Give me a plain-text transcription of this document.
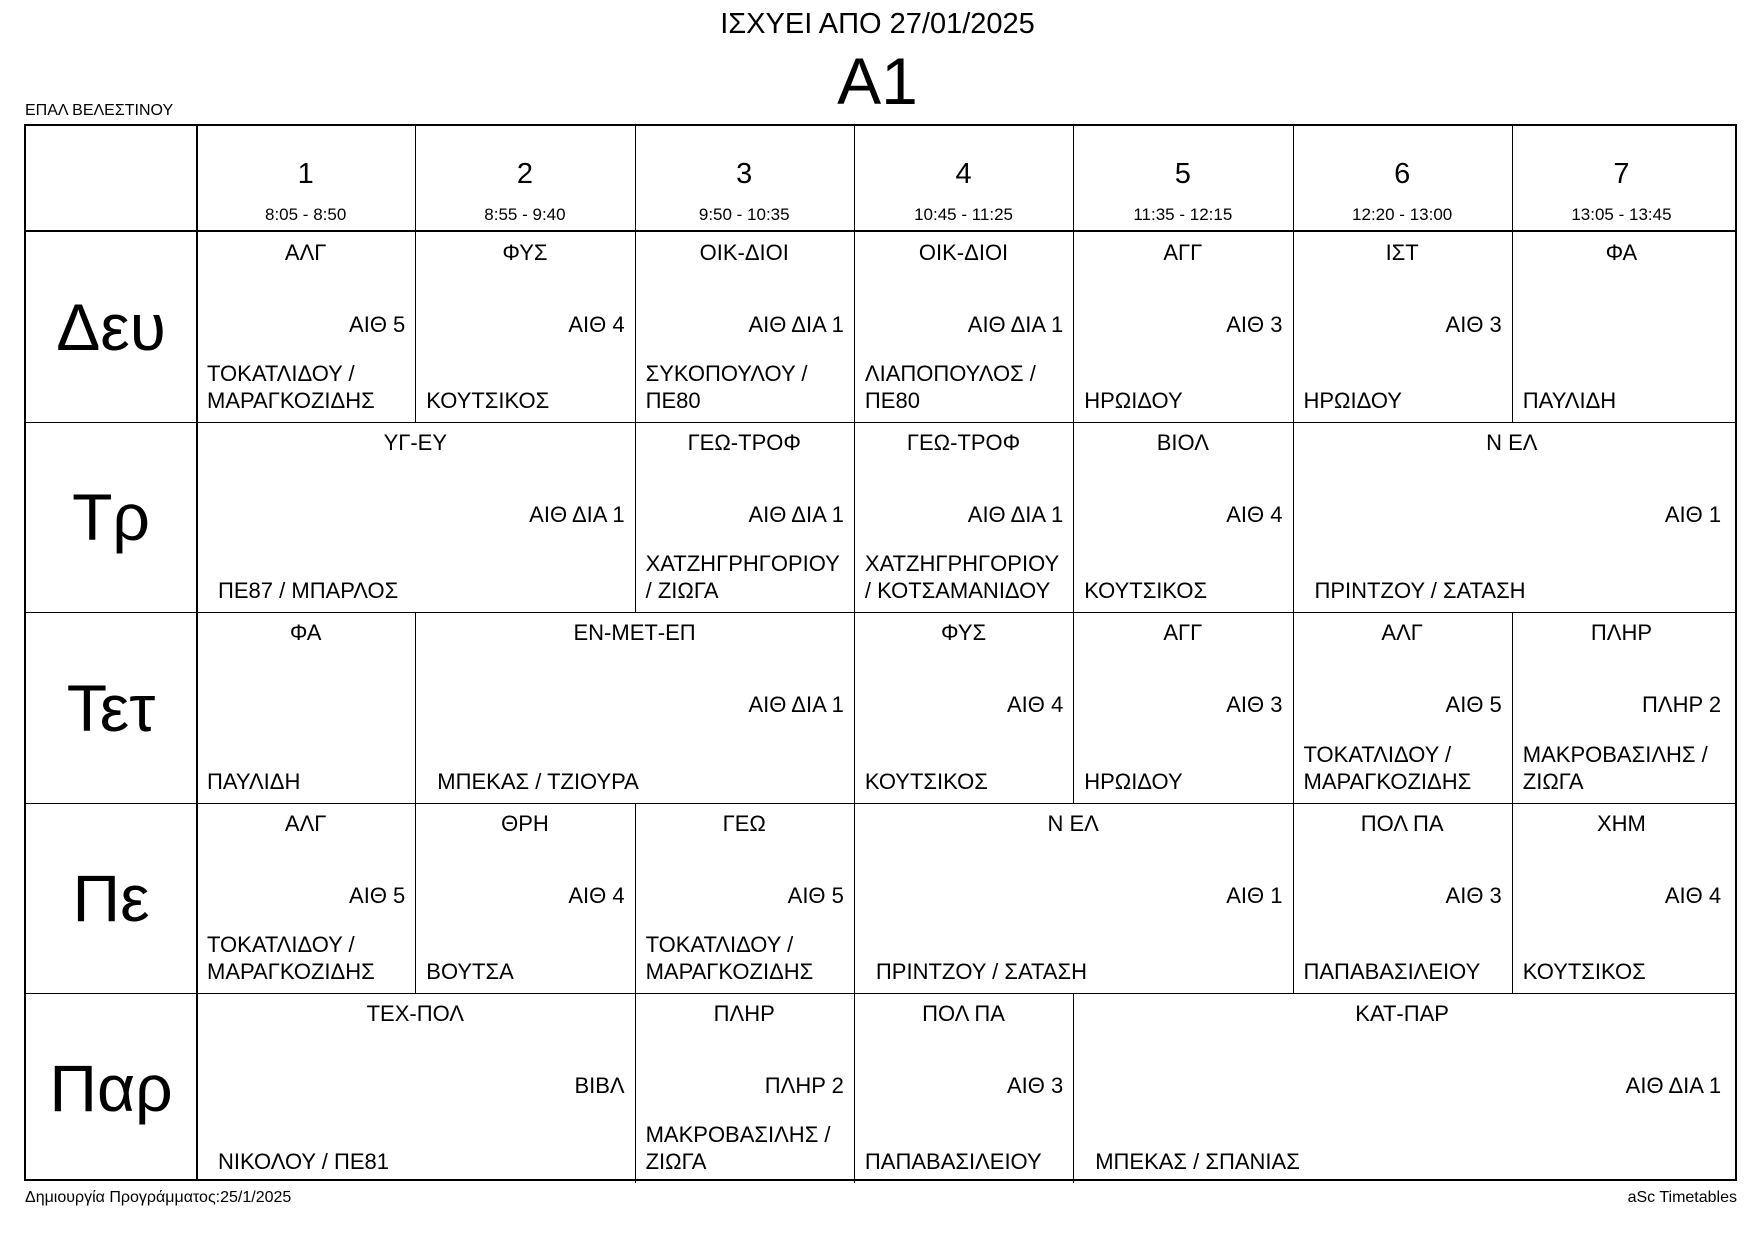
ΙΣΧΥΕΙ ΑΠΟ 27/01/2025
Α1
ΕΠΑΛ ΒΕΛΕΣΤΙΝΟΥ
1
8:05 - 8:50
2
8:55 - 9:40
3
9:50 - 10:35
4
10:45 - 11:25
5
11:35 - 12:15
6
12:20 - 13:00
7
13:05 - 13:45
Δευ
ΑΛΓ
ΑΙΘ 5
ΤΟΚΑΤΛΙΔΟΥ / ΜΑΡΑΓΚΟΖΙΔΗΣ
ΦΥΣ
ΑΙΘ 4
ΚΟΥΤΣΙΚΟΣ
ΟΙΚ-ΔΙΟΙ
ΑΙΘ ΔΙΑ 1
ΣΥΚΟΠΟΥΛΟΥ / ΠΕ80
ΟΙΚ-ΔΙΟΙ
ΑΙΘ ΔΙΑ 1
ΛΙΑΠΟΠΟΥΛΟΣ / ΠΕ80
ΑΓΓ
ΑΙΘ 3
ΗΡΩΙΔΟΥ
ΙΣΤ
ΑΙΘ 3
ΗΡΩΙΔΟΥ
ΦΑ
ΠΑΥΛΙΔΗ
Τρ
ΥΓ-ΕΥ
ΑΙΘ ΔΙΑ 1
ΠΕ87 / ΜΠΑΡΛΟΣ
ΓΕΩ-ΤΡΟΦ
ΑΙΘ ΔΙΑ 1
ΧΑΤΖΗΓΡΗΓΟΡΙΟΥ / ΖΙΩΓΑ
ΓΕΩ-ΤΡΟΦ
ΑΙΘ ΔΙΑ 1
ΧΑΤΖΗΓΡΗΓΟΡΙΟΥ / ΚΟΤΣΑΜΑΝΙΔΟΥ
ΒΙΟΛ
ΑΙΘ 4
ΚΟΥΤΣΙΚΟΣ
Ν ΕΛ
ΑΙΘ 1
ΠΡΙΝΤΖΟΥ / ΣΑΤΑΣΗ
Τετ
ΦΑ
ΠΑΥΛΙΔΗ
ΕΝ-ΜΕΤ-ΕΠ
ΑΙΘ ΔΙΑ 1
ΜΠΕΚΑΣ / ΤΖΙΟΥΡΑ
ΦΥΣ
ΑΙΘ 4
ΚΟΥΤΣΙΚΟΣ
ΑΓΓ
ΑΙΘ 3
ΗΡΩΙΔΟΥ
ΑΛΓ
ΑΙΘ 5
ΤΟΚΑΤΛΙΔΟΥ / ΜΑΡΑΓΚΟΖΙΔΗΣ
ΠΛΗΡ
ΠΛΗΡ 2
ΜΑΚΡΟΒΑΣΙΛΗΣ / ΖΙΩΓΑ
Πε
ΑΛΓ
ΑΙΘ 5
ΤΟΚΑΤΛΙΔΟΥ / ΜΑΡΑΓΚΟΖΙΔΗΣ
ΘΡΗ
ΑΙΘ 4
ΒΟΥΤΣΑ
ΓΕΩ
ΑΙΘ 5
ΤΟΚΑΤΛΙΔΟΥ / ΜΑΡΑΓΚΟΖΙΔΗΣ
Ν ΕΛ
ΑΙΘ 1
ΠΡΙΝΤΖΟΥ / ΣΑΤΑΣΗ
ΠΟΛ ΠΑ
ΑΙΘ 3
ΠΑΠΑΒΑΣΙΛΕΙΟΥ
ΧΗΜ
ΑΙΘ 4
ΚΟΥΤΣΙΚΟΣ
Παρ
ΤΕΧ-ΠΟΛ
ΒΙΒΛ
ΝΙΚΟΛΟΥ / ΠΕ81
ΠΛΗΡ
ΠΛΗΡ 2
ΜΑΚΡΟΒΑΣΙΛΗΣ / ΖΙΩΓΑ
ΠΟΛ ΠΑ
ΑΙΘ 3
ΠΑΠΑΒΑΣΙΛΕΙΟΥ
ΚΑΤ-ΠΑΡ
ΑΙΘ ΔΙΑ 1
ΜΠΕΚΑΣ / ΣΠΑΝΙΑΣ
Δημιουργία Προγράμματος:25/1/2025	aSc Timetables
